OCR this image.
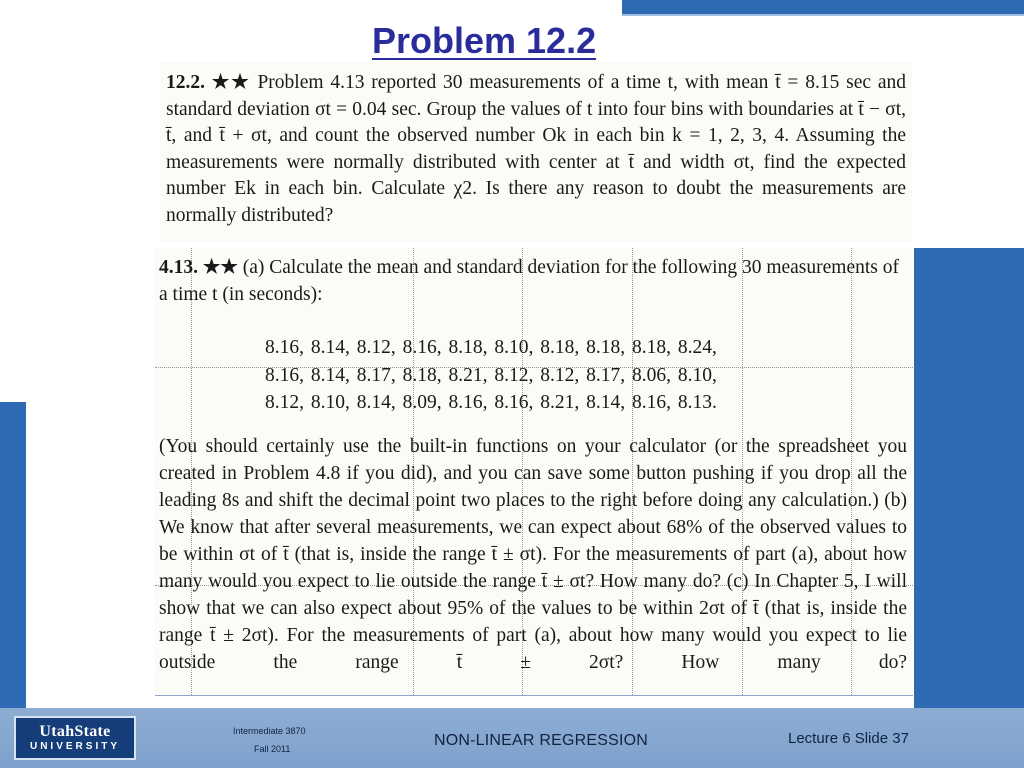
Problem 12.2

12.2. ★★ Problem 4.13 reported 30 measurements of a time t, with mean t̄ = 8.15 sec and standard deviation σt = 0.04 sec. Group the values of t into four bins with boundaries at t̄ − σt, t̄, and t̄ + σt, and count the observed number Ok in each bin k = 1, 2, 3, 4. Assuming the measurements were normally distributed with center at t̄ and width σt, find the expected number Ek in each bin. Calculate χ2. Is there any reason to doubt the measurements are normally distributed?

4.13. ★★ (a) Calculate the mean and standard deviation for the following 30 measurements of a time t (in seconds):

8.16, 8.14, 8.12, 8.16, 8.18, 8.10, 8.18, 8.18, 8.18, 8.24,
8.16, 8.14, 8.17, 8.18, 8.21, 8.12, 8.12, 8.17, 8.06, 8.10,
8.12, 8.10, 8.14, 8.09, 8.16, 8.16, 8.21, 8.14, 8.16, 8.13.

(You should certainly use the built-in functions on your calculator (or the spreadsheet you created in Problem 4.8 if you did), and you can save some button pushing if you drop all the leading 8s and shift the decimal point two places to the right before doing any calculation.) (b) We know that after several measurements, we can expect about 68% of the observed values to be within σt of t̄ (that is, inside the range t̄ ± σt). For the measurements of part (a), about how many would you expect to lie outside the range t̄ ± σt? How many do? (c) In Chapter 5, I will show that we can also expect about 95% of the values to be within 2σt of t̄ (that is, inside the range t̄ ± 2σt). For the measurements of part (a), about how many would you expect to lie outside the range t̄ ± 2σt? How many do?

UtahState
UNIVERSITY
Intermediate 3870
Fall 2011	NON-LINEAR REGRESSION	Lecture 6 Slide 37
